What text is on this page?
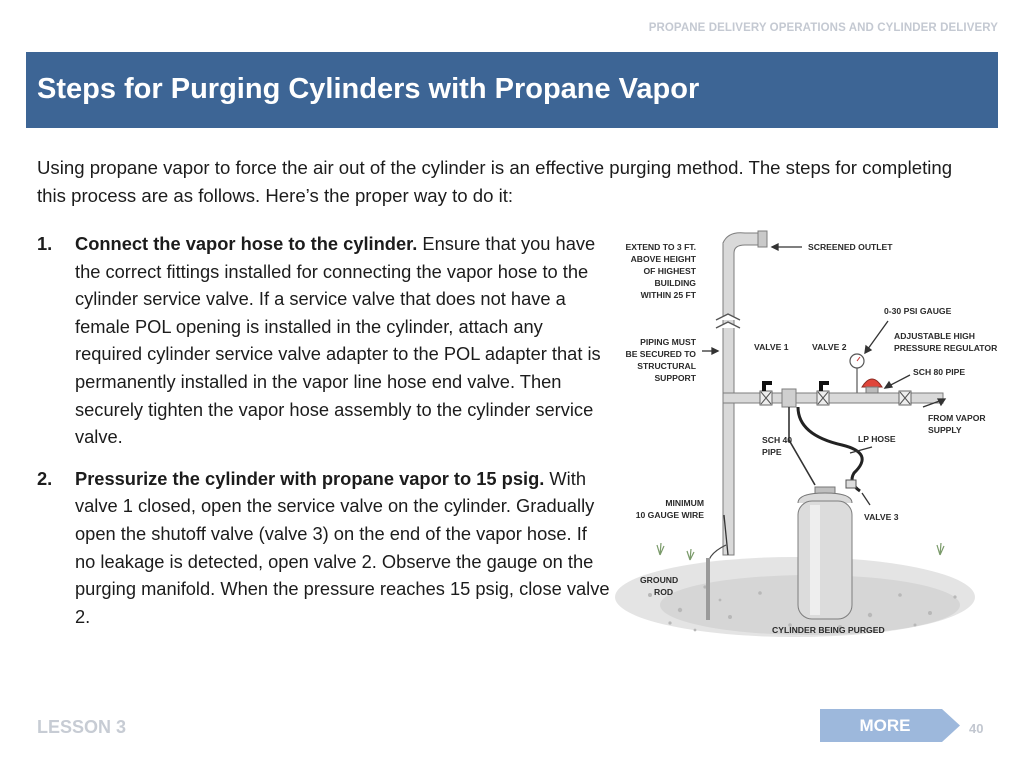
PROPANE DELIVERY OPERATIONS AND CYLINDER DELIVERY
Steps for Purging Cylinders with Propane Vapor
Using propane vapor to force the air out of the cylinder is an effective purging method. The steps for completing this process are as follows. Here’s the proper way to do it:
1. Connect the vapor hose to the cylinder. Ensure that you have the correct fittings installed for connecting the vapor hose to the cylinder service valve. If a service valve that does not have a female POL opening is installed in the cylinder, attach any required cylinder service valve adapter to the POL adapter that is permanently installed in the vapor line hose end valve. Then securely tighten the vapor hose assembly to the cylinder service valve.
2. Pressurize the cylinder with propane vapor to 15 psig. With valve 1 closed, open the service valve on the cylinder. Gradually open the shutoff valve (valve 3) on the end of the vapor hose. If no leakage is detected, open valve 2. Observe the gauge on the purging manifold. When the pressure reaches 15 psig, close valve 2.
EXTEND TO 3 FT.
ABOVE HEIGHT
OF HIGHEST
BUILDING
WITHIN 25 FT
SCREENED OUTLET
0-30 PSI GAUGE
ADJUSTABLE HIGH
PRESSURE REGULATOR
PIPING MUST
BE SECURED TO
STRUCTURAL
SUPPORT
VALVE 1	VALVE 2
SCH 80 PIPE
FROM VAPOR
SUPPLY
SCH 40
PIPE
LP HOSE
MINIMUM
10 GAUGE WIRE	VALVE 3
GROUND
ROD
CYLINDER BEING PURGED
LESSON 3	MORE	40
